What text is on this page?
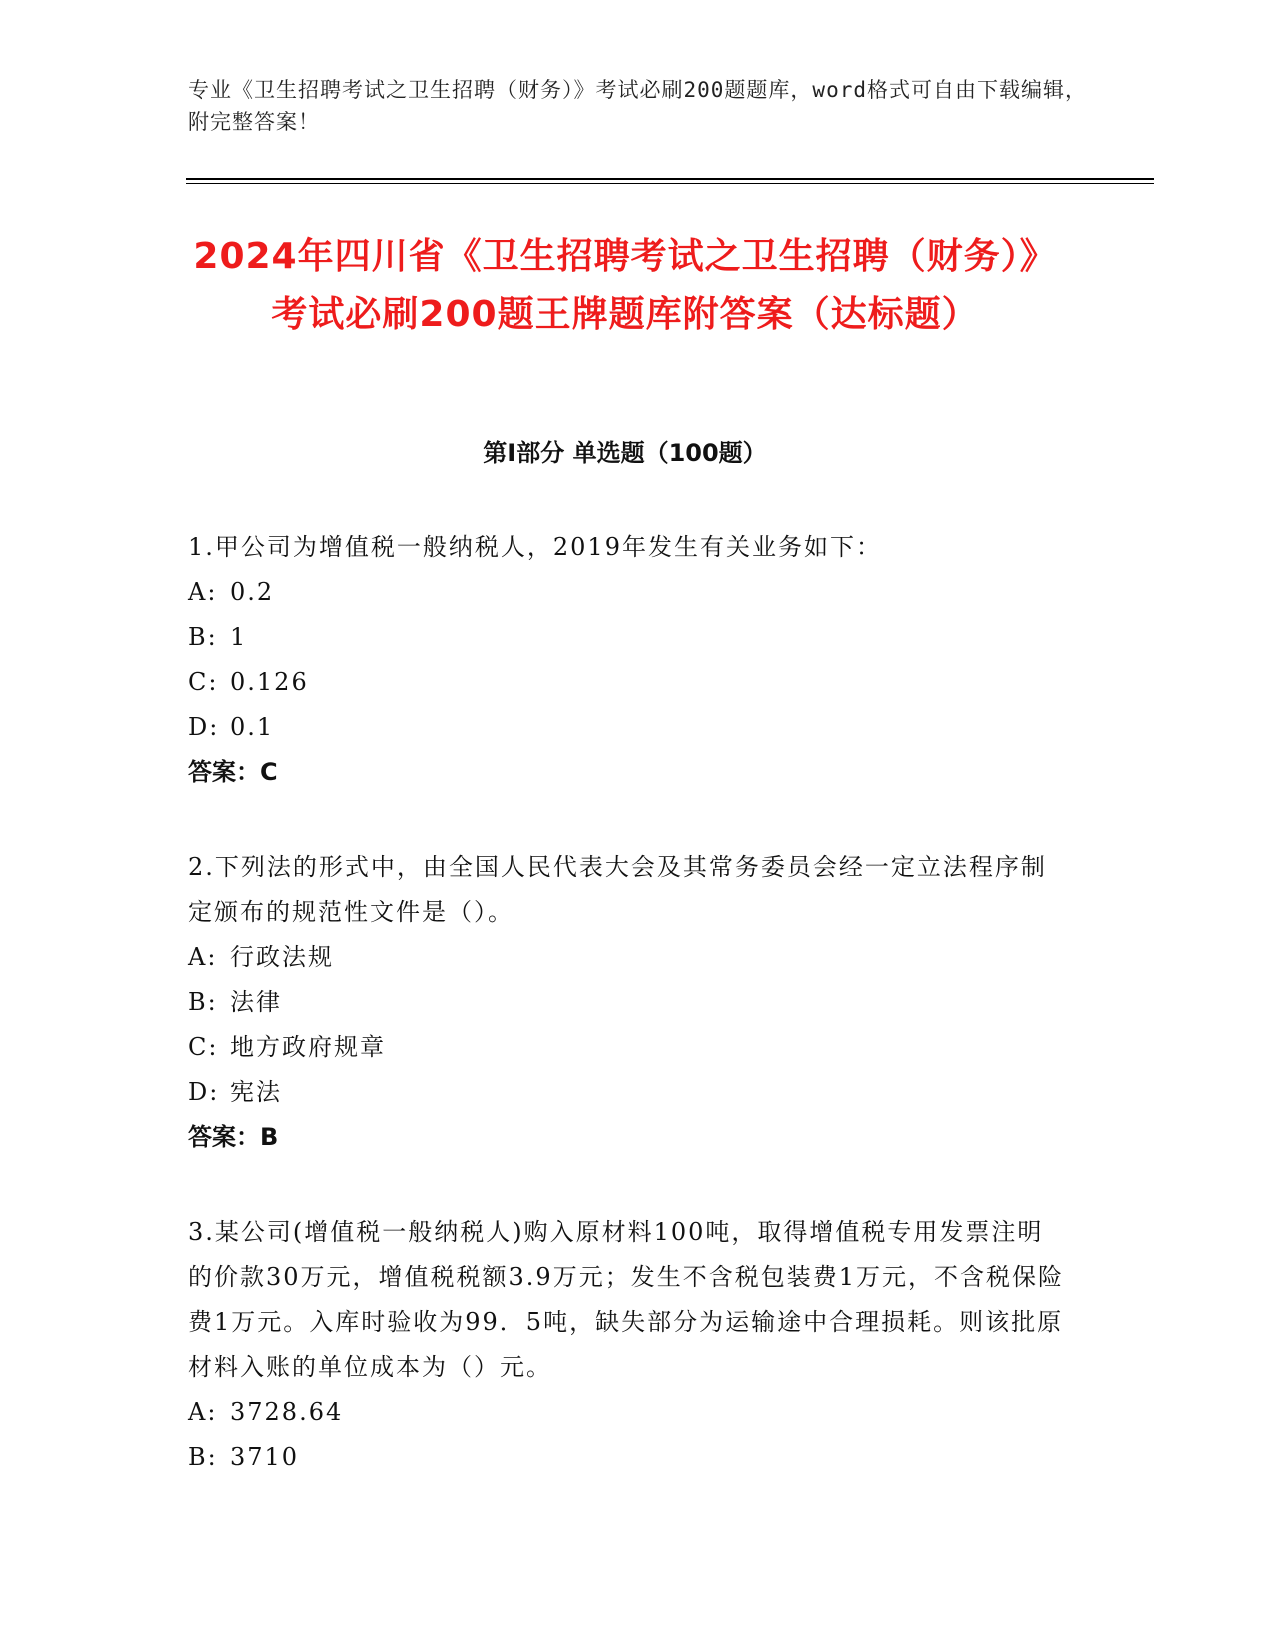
专业《卫生招聘考试之卫生招聘（财务）》考试必刷200题题库，word格式可自由下载编辑，附完整答案！

2024年四川省《卫生招聘考试之卫生招聘（财务）》考试必刷200题王牌题库附答案（达标题）
第I部分 单选题（100题）

1.甲公司为增值税一般纳税人，2019年发生有关业务如下：

A: 0.2

B: 1

C: 0.126

D: 0.1

答案：C

2.下列法的形式中，由全国人民代表大会及其常务委员会经一定立法程序制定颁布的规范性文件是（）。

A: 行政法规

B: 法律

C: 地方政府规章

D: 宪法

答案：B

3.某公司(增值税一般纳税人)购入原材料100吨，取得增值税专用发票注明的价款30万元，增值税税额3.9万元；发生不含税包装费1万元，不含税保险费1万元。入库时验收为99．5吨，缺失部分为运输途中合理损耗。则该批原材料入账的单位成本为（）元。

A: 3728.64

B: 3710
